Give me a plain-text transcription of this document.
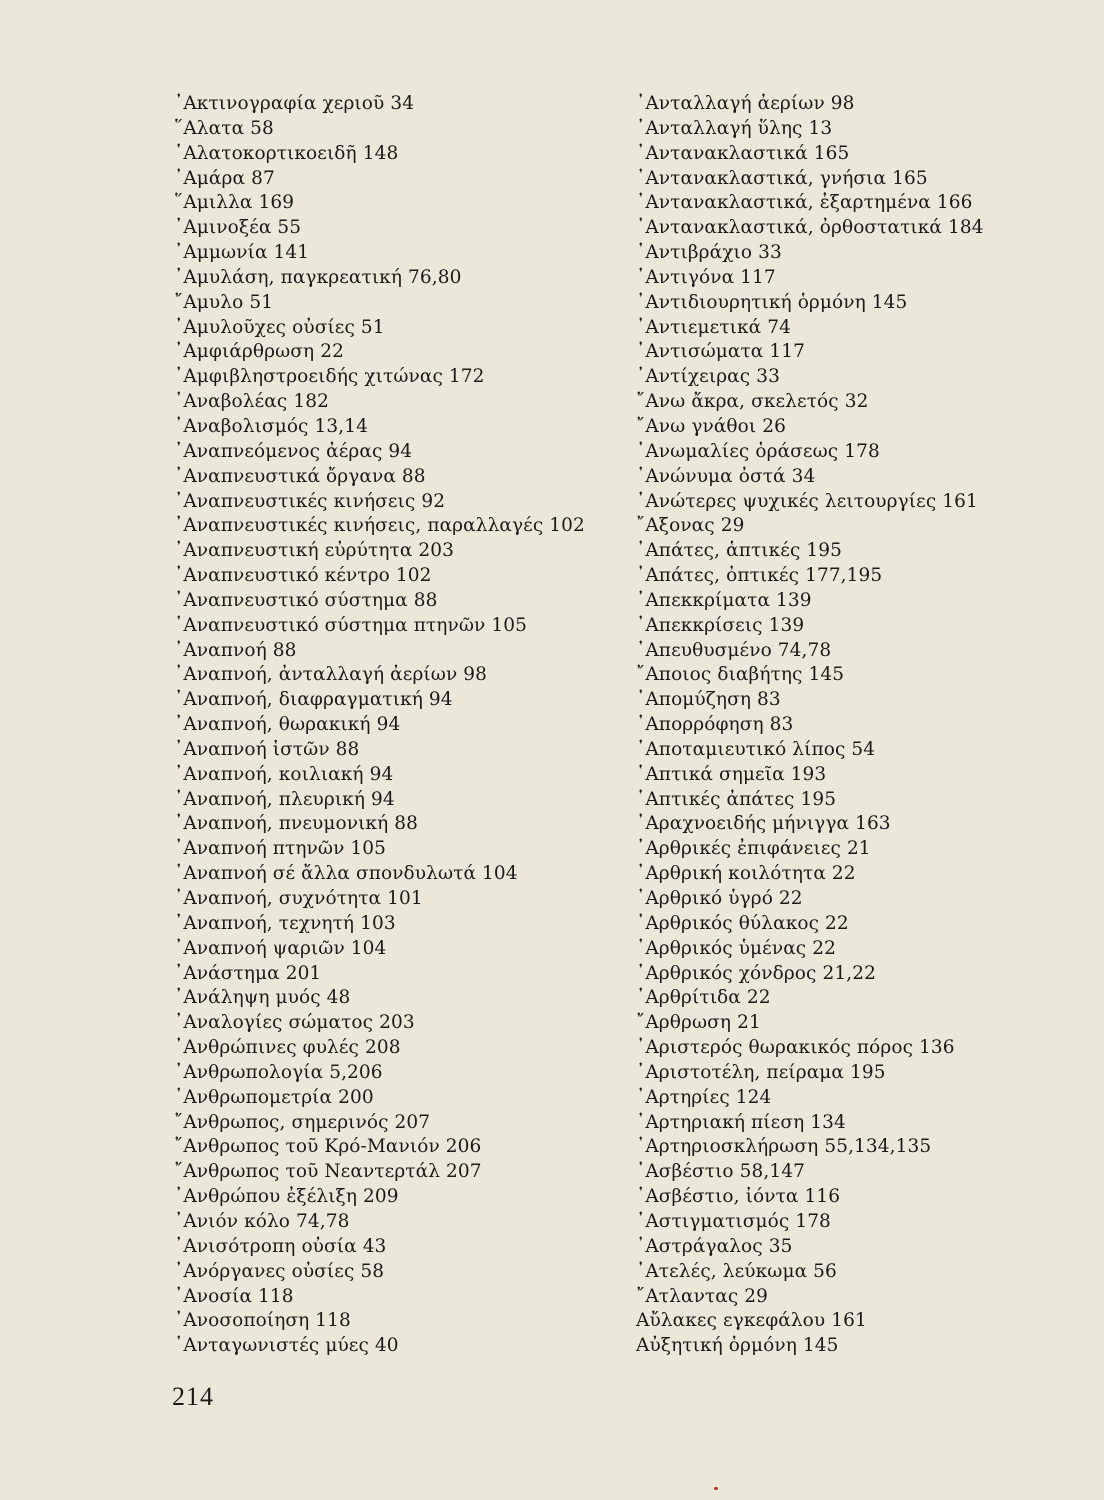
᾿Ακτινογραφία χεριοῦ 34
῞Αλατα 58
῾Αλατοκορτικοειδῆ 148
᾿Αμάρα 87
῞Αμιλλα 169
᾿Αμινοξέα 55
᾿Αμμωνία 141
᾿Αμυλάση, παγκρεατική 76,80
῎Αμυλο 51
᾿Αμυλοῦχες οὐσίες 51
᾿Αμφιάρθρωση 22
᾿Αμφιβληστροειδής χιτώνας 172
᾿Αναβολέας 182
᾿Αναβολισμός 13,14
᾿Αναπνεόμενος ἀέρας 94
᾿Αναπνευστικά ὄργανα 88
᾿Αναπνευστικές κινήσεις 92
᾿Αναπνευστικές κινήσεις, παραλλαγές 102
᾿Αναπνευστική εὐρύτητα 203
᾿Αναπνευστικό κέντρο 102
᾿Αναπνευστικό σύστημα 88
᾿Αναπνευστικό σύστημα πτηνῶν 105
᾿Αναπνοή 88
᾿Αναπνοή, ἀνταλλαγή ἀερίων 98
᾿Αναπνοή, διαφραγματική 94
᾿Αναπνοή, θωρακική 94
᾿Αναπνοή ἱστῶν 88
᾿Αναπνοή, κοιλιακή 94
᾿Αναπνοή, πλευρική 94
᾿Αναπνοή, πνευμονική 88
᾿Αναπνοή πτηνῶν 105
᾿Αναπνοή σέ ἄλλα σπονδυλωτά 104
᾿Αναπνοή, συχνότητα 101
᾿Αναπνοή, τεχνητή 103
᾿Αναπνοή ψαριῶν 104
᾿Ανάστημα 201
᾿Ανάληψη μυός 48
᾿Αναλογίες σώματος 203
᾿Ανθρώπινες φυλές 208
᾿Ανθρωπολογία 5,206
᾿Ανθρωπομετρία 200
῎Ανθρωπος, σημερινός 207
῎Ανθρωπος τοῦ Κρό-Μανιόν 206
῎Ανθρωπος τοῦ Νεαντερτάλ 207
᾿Ανθρώπου ἐξέλιξη 209
᾿Ανιόν κόλο 74,78
᾿Ανισότροπη οὐσία 43
᾿Ανόργανες οὐσίες 58
᾿Ανοσία 118
᾿Ανοσοποίηση 118
᾿Ανταγωνιστές μύες 40
᾿Ανταλλαγή ἀερίων 98
᾿Ανταλλαγή ὕλης 13
᾿Αντανακλαστικά 165
᾿Αντανακλαστικά, γνήσια 165
᾿Αντανακλαστικά, ἐξαρτημένα 166
᾿Αντανακλαστικά, ὀρθοστατικά 184
᾿Αντιβράχιο 33
᾿Αντιγόνα 117
᾿Αντιδιουρητική ὁρμόνη 145
᾿Αντιεμετικά 74
᾿Αντισώματα 117
᾿Αντίχειρας 33
῎Ανω ἄκρα, σκελετός 32
῎Ανω γνάθοι 26
᾿Ανωμαλίες ὁράσεως 178
᾿Ανώνυμα ὀστά 34
᾿Ανώτερες ψυχικές λειτουργίες 161
῎Αξονας 29
᾿Απάτες, ἁπτικές 195
᾿Απάτες, ὀπτικές 177,195
᾿Απεκκρίματα 139
᾿Απεκκρίσεις 139
᾿Απευθυσμένο 74,78
῎Αποιος διαβήτης 145
᾿Απομύζηση 83
᾿Απορρόφηση 83
᾿Αποταμιευτικό λίπος 54
῾Απτικά σημεῖα 193
῾Απτικές ἀπάτες 195
᾿Αραχνοειδής μήνιγγα 163
᾿Αρθρικές ἐπιφάνειες 21
᾿Αρθρική κοιλότητα 22
᾿Αρθρικό ὑγρό 22
᾿Αρθρικός θύλακος 22
᾿Αρθρικός ὑμένας 22
᾿Αρθρικός χόνδρος 21,22
᾿Αρθρίτιδα 22
῎Αρθρωση 21
᾿Αριστερός θωρακικός πόρος 136
᾿Αριστοτέλη, πείραμα 195
᾿Αρτηρίες 124
᾿Αρτηριακή πίεση 134
᾿Αρτηριοσκλήρωση 55,134,135
᾿Ασβέστιο 58,147
᾿Ασβέστιο, ἰόντα 116
᾿Αστιγματισμός 178
᾿Αστράγαλος 35
᾿Ατελές, λεύκωμα 56
῎Ατλαντας 29
Αὔλακες εγκεφάλου 161
Αὐξητική ὁρμόνη 145
214
